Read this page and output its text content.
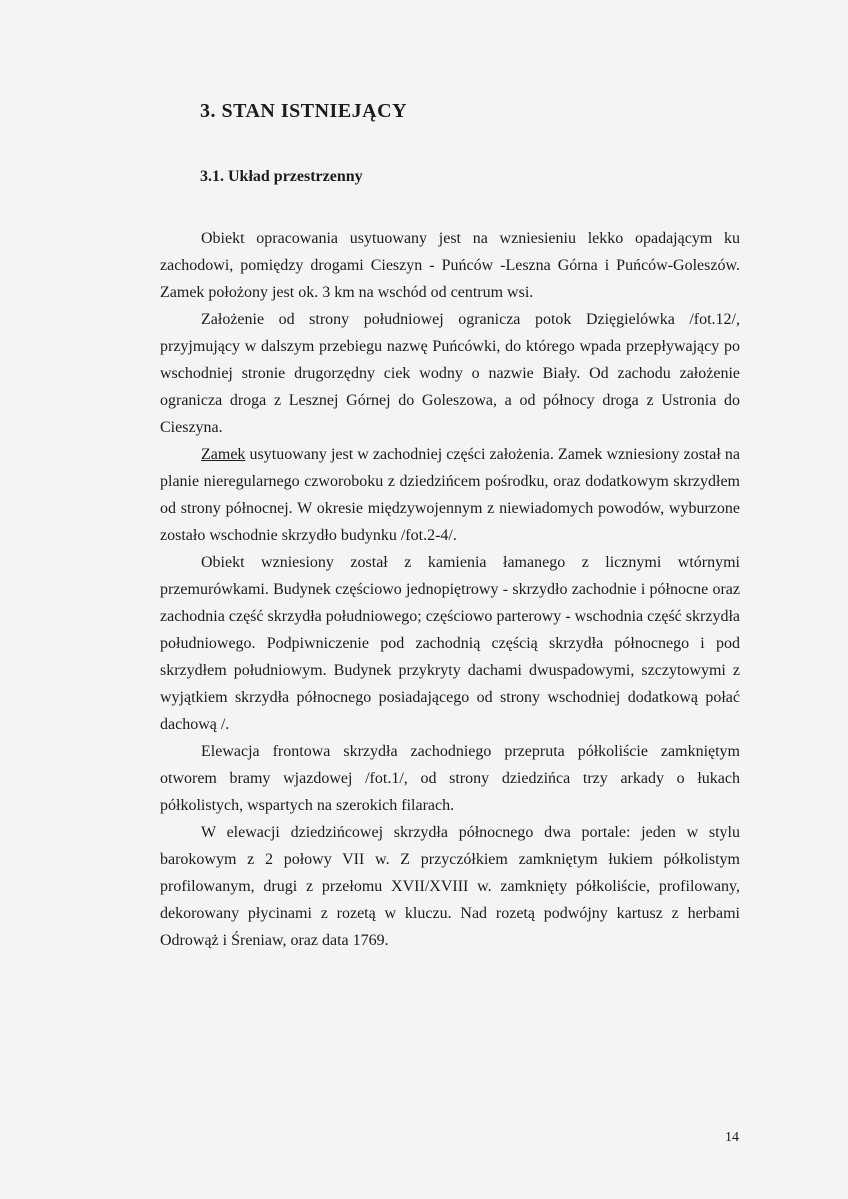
3. STAN ISTNIEJĄCY
3.1. Układ przestrzenny

Obiekt opracowania usytuowany jest na wzniesieniu lekko opadającym ku zachodowi, pomiędzy drogami Cieszyn - Puńców -Leszna Górna i Puńców-Goleszów. Zamek położony jest ok. 3 km na wschód od centrum wsi.

Założenie od strony południowej ogranicza potok Dzięgielówka /fot.12/, przyjmujący w dalszym przebiegu nazwę Puńcówki, do którego wpada przepływający po wschodniej stronie drugorzędny ciek wodny o nazwie Biały. Od zachodu założenie ogranicza droga z Lesznej Górnej do Goleszowa, a od północy droga z Ustronia do Cieszyna.

Zamek usytuowany jest w zachodniej części założenia. Zamek wzniesiony został na planie nieregularnego czworoboku z dziedzińcem pośrodku, oraz dodatkowym skrzydłem od strony północnej. W okresie międzywojennym z niewiadomych powodów, wyburzone zostało wschodnie skrzydło budynku /fot.2-4/.

Obiekt wzniesiony został z kamienia łamanego z licznymi wtórnymi przemurówkami. Budynek częściowo jednopiętrowy - skrzydło zachodnie i północne oraz zachodnia część skrzydła południowego; częściowo parterowy - wschodnia część skrzydła południowego. Podpiwniczenie pod zachodnią częścią skrzydła północnego i pod skrzydłem południowym. Budynek przykryty dachami dwuspadowymi, szczytowymi z wyjątkiem skrzydła północnego posiadającego od strony wschodniej dodatkową połać dachową /.

Elewacja frontowa skrzydła zachodniego przepruta półkoliście zamkniętym otworem bramy wjazdowej /fot.1/, od strony dziedzińca trzy arkady o łukach półkolistych, wspartych na szerokich filarach.

W elewacji dziedzińcowej skrzydła północnego dwa portale: jeden w stylu barokowym z 2 połowy VII w. Z przyczółkiem zamkniętym łukiem półkolistym profilowanym, drugi z przełomu XVII/XVIII w. zamknięty półkoliście, profilowany, dekorowany płycinami z rozetą w kluczu. Nad rozetą podwójny kartusz z herbami Odrowąż i Śreniaw, oraz data 1769.

14
